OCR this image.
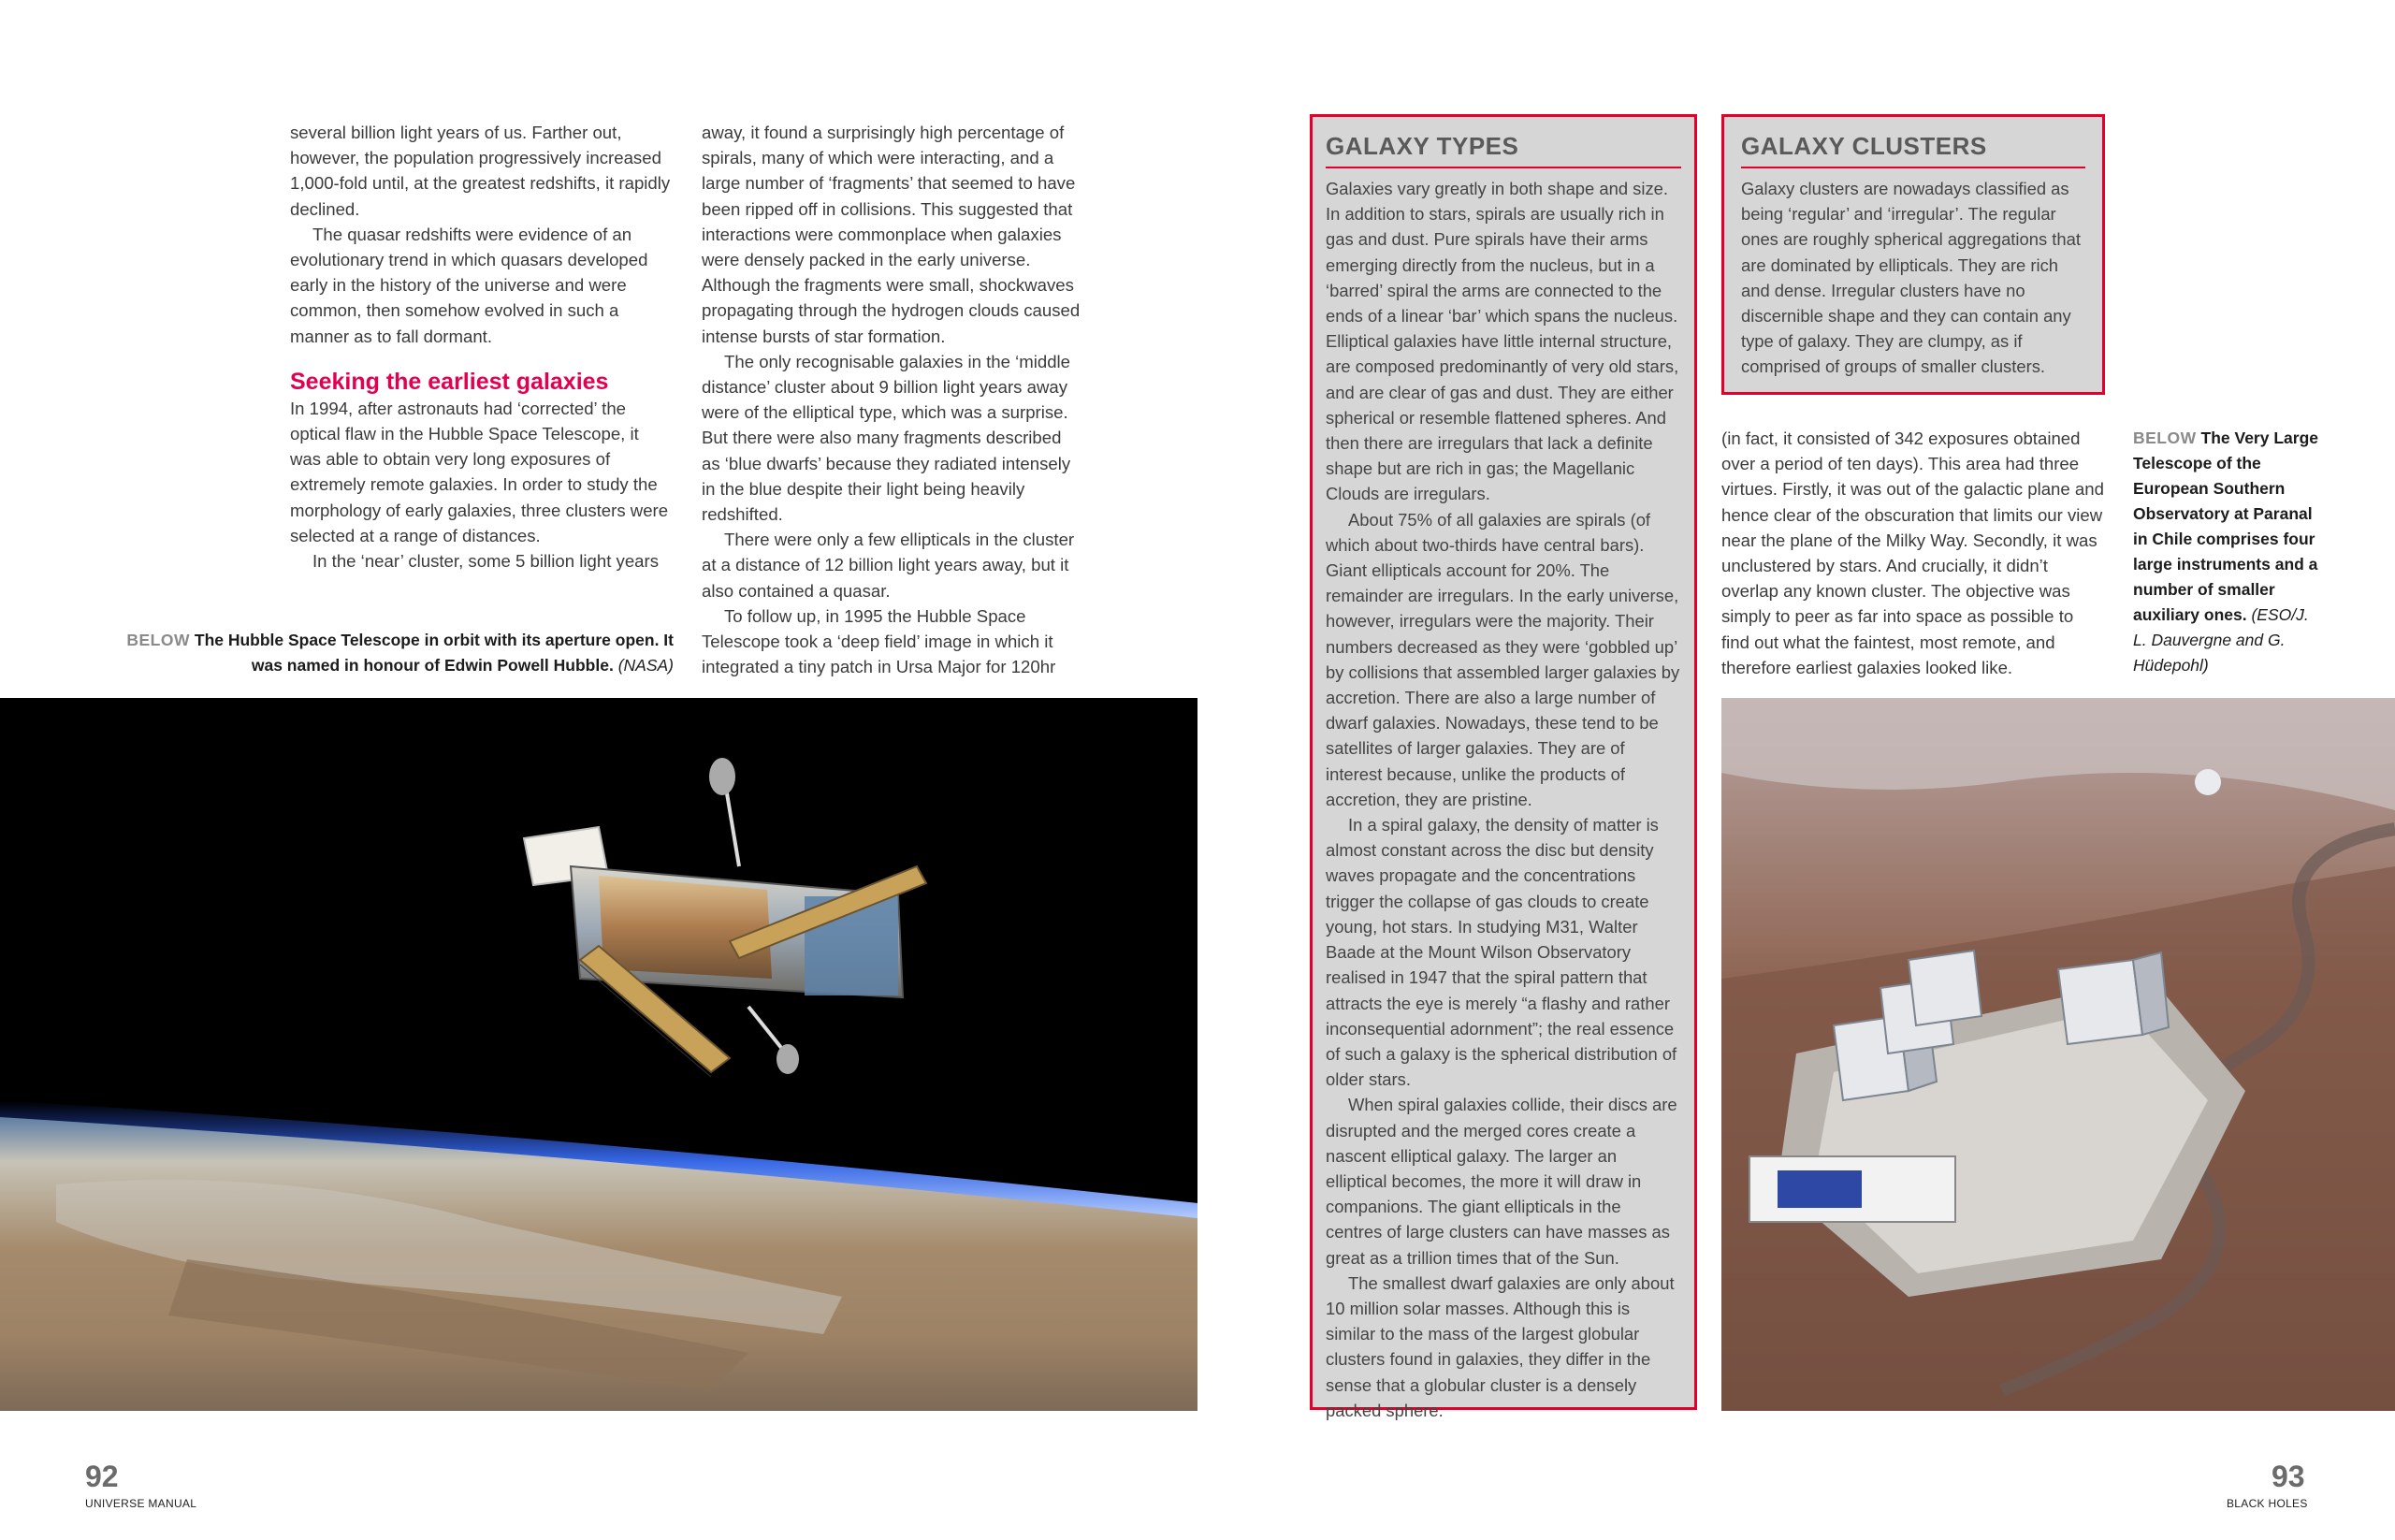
several billion light years of us. Farther out, however, the population progressively increased 1,000-fold until, at the greatest redshifts, it rapidly declined.

The quasar redshifts were evidence of an evolutionary trend in which quasars developed early in the history of the universe and were common, then somehow evolved in such a manner as to fall dormant.

Seeking the earliest galaxies

In 1994, after astronauts had ‘corrected’ the optical flaw in the Hubble Space Telescope, it was able to obtain very long exposures of extremely remote galaxies. In order to study the morphology of early galaxies, three clusters were selected at a range of distances.

In the ‘near’ cluster, some 5 billion light years

away, it found a surprisingly high percentage of spirals, many of which were interacting, and a large number of ‘fragments’ that seemed to have been ripped off in collisions. This suggested that interactions were commonplace when galaxies were densely packed in the early universe. Although the fragments were small, shockwaves propagating through the hydrogen clouds caused intense bursts of star formation.

The only recognisable galaxies in the ‘middle distance’ cluster about 9 billion light years away were of the elliptical type, which was a surprise. But there were also many fragments described as ‘blue dwarfs’ because they radiated intensely in the blue despite their light being heavily redshifted.

There were only a few ellipticals in the cluster at a distance of 12 billion light years away, but it also contained a quasar.

To follow up, in 1995 the Hubble Space Telescope took a ‘deep field’ image in which it integrated a tiny patch in Ursa Major for 120hr

BELOW The Hubble Space Telescope in orbit with its aperture open. It was named in honour of Edwin Powell Hubble. (NASA)
92
UNIVERSE MANUAL
GALAXY TYPES

Galaxies vary greatly in both shape and size. In addition to stars, spirals are usually rich in gas and dust. Pure spirals have their arms emerging directly from the nucleus, but in a ‘barred’ spiral the arms are connected to the ends of a linear ‘bar’ which spans the nucleus. Elliptical galaxies have little internal structure, are composed predominantly of very old stars, and are clear of gas and dust. They are either spherical or resemble flattened spheres. And then there are irregulars that lack a definite shape but are rich in gas; the Magellanic Clouds are irregulars.

About 75% of all galaxies are spirals (of which about two-thirds have central bars). Giant ellipticals account for 20%. The remainder are irregulars. In the early universe, however, irregulars were the majority. Their numbers decreased as they were ‘gobbled up’ by collisions that assembled larger galaxies by accretion. There are also a large number of dwarf galaxies. Nowadays, these tend to be satellites of larger galaxies. They are of interest because, unlike the products of accretion, they are pristine.

In a spiral galaxy, the density of matter is almost constant across the disc but density waves propagate and the concentrations trigger the collapse of gas clouds to create young, hot stars. In studying M31, Walter Baade at the Mount Wilson Observatory realised in 1947 that the spiral pattern that attracts the eye is merely “a flashy and rather inconsequential adornment”; the real essence of such a galaxy is the spherical distribution of older stars.

When spiral galaxies collide, their discs are disrupted and the merged cores create a nascent elliptical galaxy. The larger an elliptical becomes, the more it will draw in companions. The giant ellipticals in the centres of large clusters can have masses as great as a trillion times that of the Sun.

The smallest dwarf galaxies are only about 10 million solar masses. Although this is similar to the mass of the largest globular clusters found in galaxies, they differ in the sense that a globular cluster is a densely packed sphere.

GALAXY CLUSTERS

Galaxy clusters are nowadays classified as being ‘regular’ and ‘irregular’. The regular ones are roughly spherical aggregations that are dominated by ellipticals. They are rich and dense. Irregular clusters have no discernible shape and they can contain any type of galaxy. They are clumpy, as if comprised of groups of smaller clusters.

(in fact, it consisted of 342 exposures obtained over a period of ten days). This area had three virtues. Firstly, it was out of the galactic plane and hence clear of the obscuration that limits our view near the plane of the Milky Way. Secondly, it was unclustered by stars. And crucially, it didn’t overlap any known cluster. The objective was simply to peer as far into space as possible to find out what the faintest, most remote, and therefore earliest galaxies looked like.

BELOW The Very Large Telescope of the European Southern Observatory at Paranal in Chile comprises four large instruments and a number of smaller auxiliary ones. (ESO/J. L. Dauvergne and G. Hüdepohl)
93
BLACK HOLES
